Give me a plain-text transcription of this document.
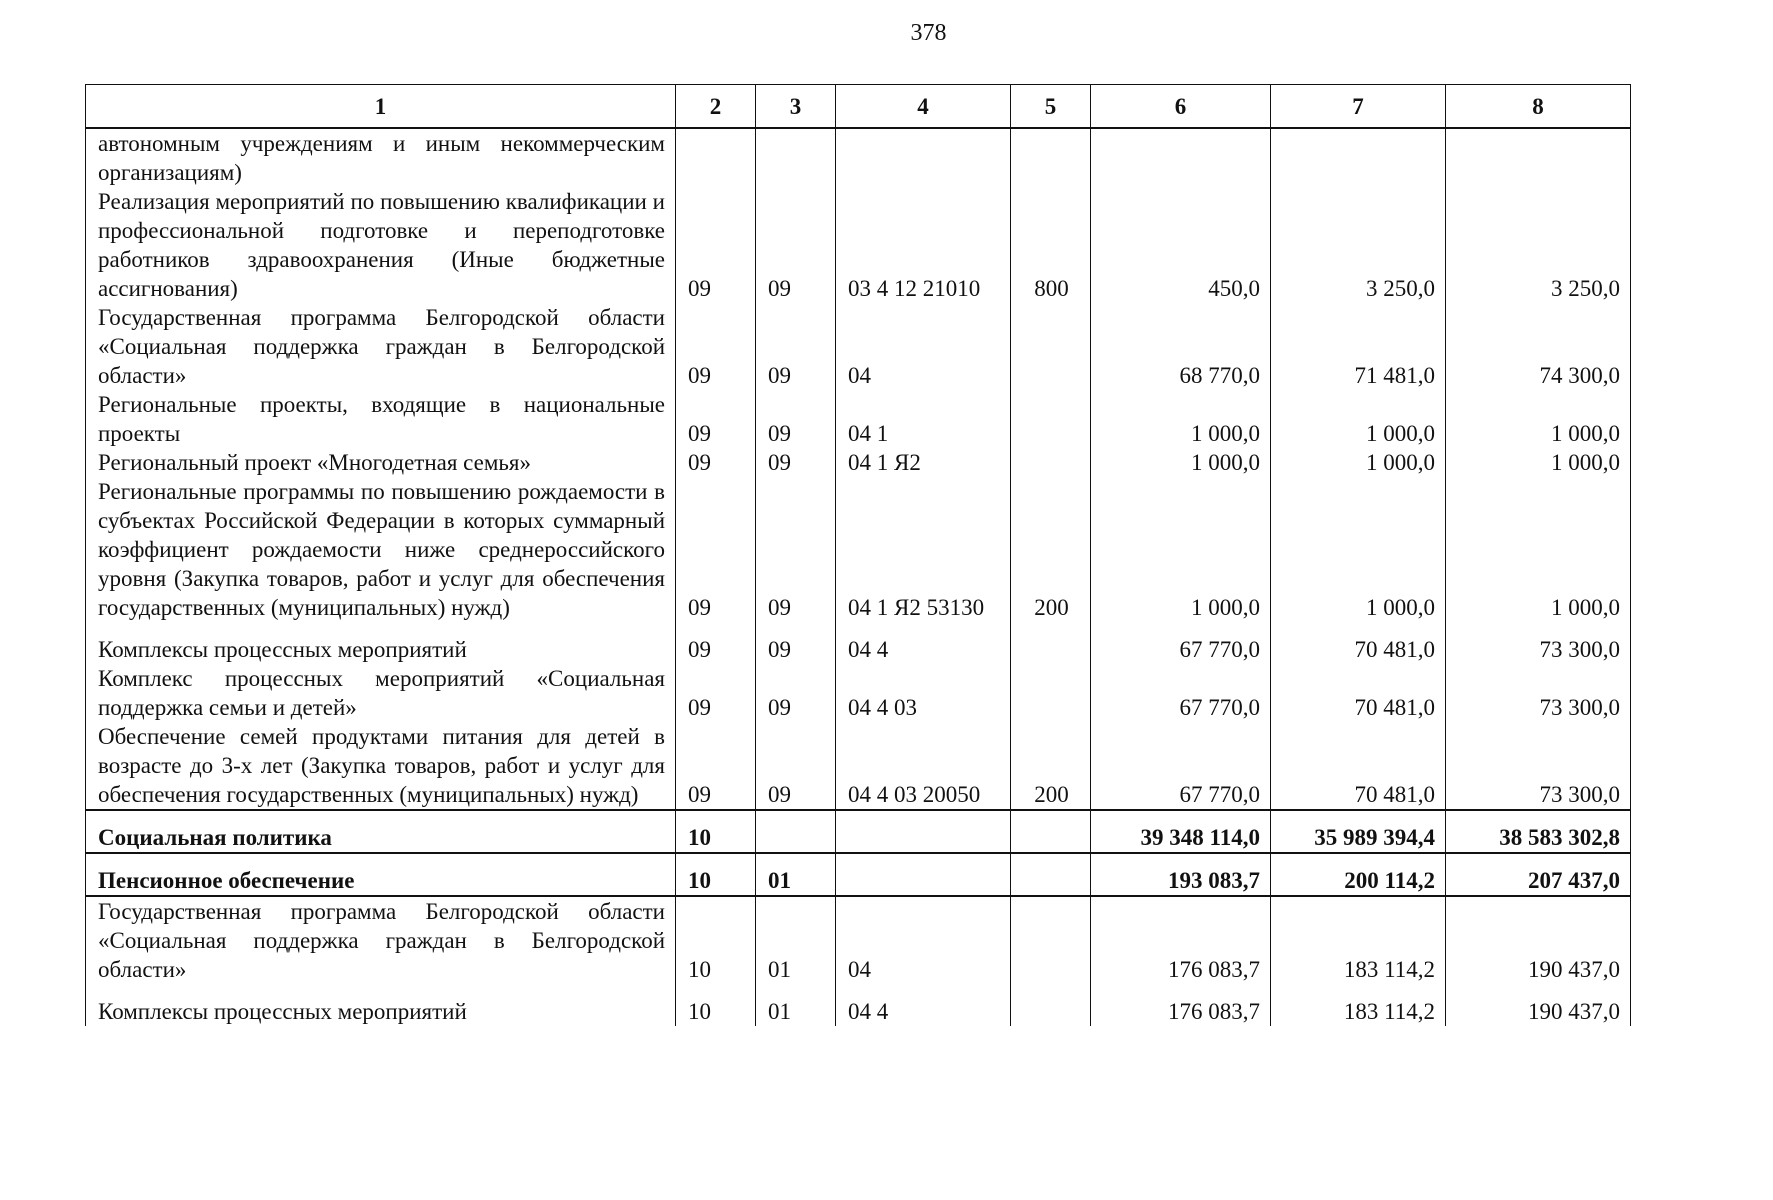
378
1	2	3	4	5	6	7	8
автономным учреждениям и иным некоммерческим организациям)							
Реализация мероприятий по повышению квалификации и профессиональной подготовке и переподготовке работников здравоохранения (Иные бюджетные ассигнования)	09	09	03 4 12 21010	800	450,0	3 250,0	3 250,0
Государственная программа Белгородской области «Социальная поддержка граждан в Белгородской области»	09	09	04		68 770,0	71 481,0	74 300,0
Региональные проекты, входящие в национальные проекты	09	09	04 1		1 000,0	1 000,0	1 000,0
Региональный проект «Многодетная семья»	09	09	04 1 Я2		1 000,0	1 000,0	1 000,0
Региональные программы по повышению рождаемости в субъектах Российской Федерации в которых суммарный коэффициент рождаемости ниже среднероссийского уровня (Закупка товаров, работ и услуг для обеспечения государственных (муниципальных) нужд)	09	09	04 1 Я2 53130	200	1 000,0	1 000,0	1 000,0
Комплексы процессных мероприятий	09	09	04 4		67 770,0	70 481,0	73 300,0
Комплекс процессных мероприятий «Социальная поддержка семьи и детей»	09	09	04 4 03		67 770,0	70 481,0	73 300,0
Обеспечение семей продуктами питания для детей в возрасте до 3-х лет (Закупка товаров, работ и услуг для обеспечения государственных (муниципальных) нужд)	09	09	04 4 03 20050	200	67 770,0	70 481,0	73 300,0
Социальная политика	10				39 348 114,0	35 989 394,4	38 583 302,8
Пенсионное обеспечение	10	01			193 083,7	200 114,2	207 437,0
Государственная программа Белгородской области «Социальная поддержка граждан в Белгородской области»	10	01	04		176 083,7	183 114,2	190 437,0
Комплексы процессных мероприятий	10	01	04 4		176 083,7	183 114,2	190 437,0
